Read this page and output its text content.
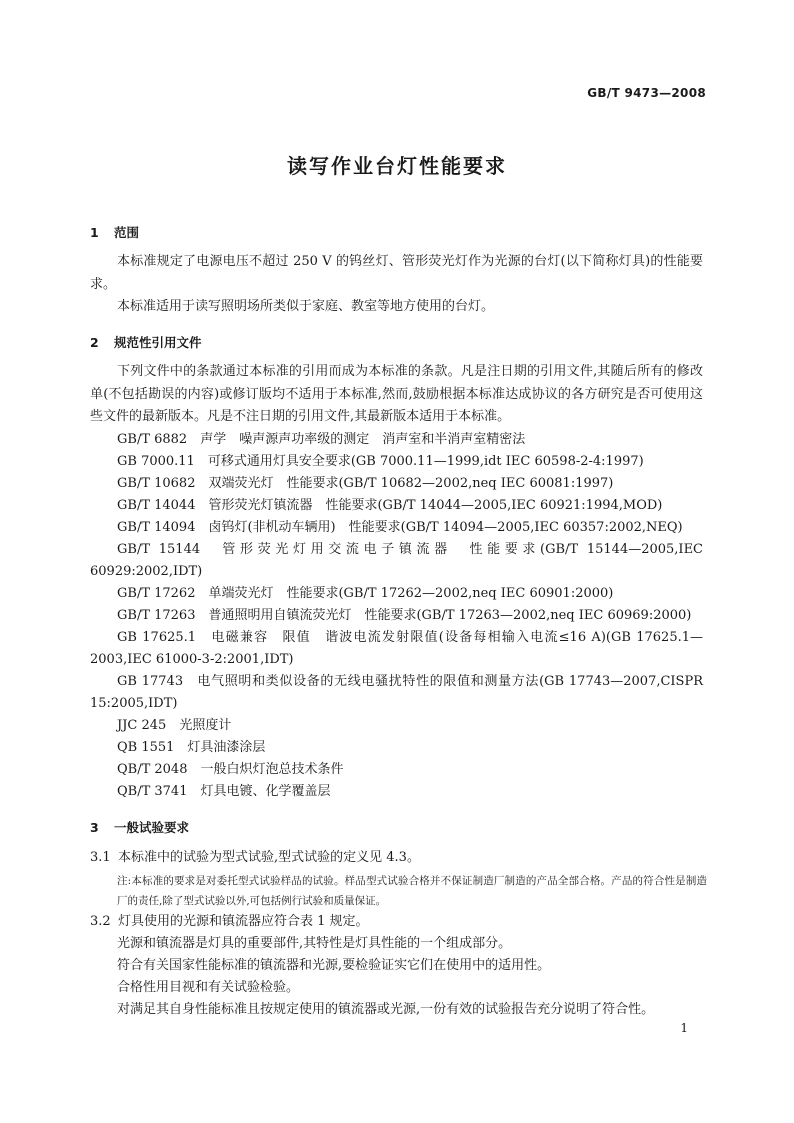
GB/T 9473—2008
读写作业台灯性能要求
1 范围

本标准规定了电源电压不超过 250 V 的钨丝灯、管形荧光灯作为光源的台灯(以下简称灯具)的性能要求。

本标准适用于读写照明场所类似于家庭、教室等地方使用的台灯。

2 规范性引用文件

下列文件中的条款通过本标准的引用而成为本标准的条款。凡是注日期的引用文件,其随后所有的修改单(不包括勘误的内容)或修订版均不适用于本标准,然而,鼓励根据本标准达成协议的各方研究是否可使用这些文件的最新版本。凡是不注日期的引用文件,其最新版本适用于本标准。

GB/T 6882　声学　噪声源声功率级的测定　消声室和半消声室精密法

GB 7000.11　可移式通用灯具安全要求(GB 7000.11—1999,idt IEC 60598-2-4:1997)

GB/T 10682　双端荧光灯　性能要求(GB/T 10682—2002,neq IEC 60081:1997)

GB/T 14044　管形荧光灯镇流器　性能要求(GB/T 14044—2005,IEC 60921:1994,MOD)

GB/T 14094　卤钨灯(非机动车辆用)　性能要求(GB/T 14094—2005,IEC 60357:2002,NEQ)

GB/T 15144　管形荧光灯用交流电子镇流器　性能要求(GB/T 15144—2005,IEC 60929:2002,IDT)

GB/T 17262　单端荧光灯　性能要求(GB/T 17262—2002,neq IEC 60901:2000)

GB/T 17263　普通照明用自镇流荧光灯　性能要求(GB/T 17263—2002,neq IEC 60969:2000)

GB 17625.1　电磁兼容　限值　谐波电流发射限值(设备每相输入电流≤16 A)(GB 17625.1—2003,IEC 61000-3-2:2001,IDT)

GB 17743　电气照明和类似设备的无线电骚扰特性的限值和测量方法(GB 17743—2007,CISPR 15:2005,IDT)

JJC 245　光照度计

QB 1551　灯具油漆涂层

QB/T 2048　一般白炽灯泡总技术条件

QB/T 3741　灯具电镀、化学覆盖层

3 一般试验要求

3.1 本标准中的试验为型式试验,型式试验的定义见 4.3。

注:本标准的要求是对委托型式试验样品的试验。样品型式试验合格并不保证制造厂制造的产品全部合格。产品的符合性是制造厂的责任,除了型式试验以外,可包括例行试验和质量保证。

3.2 灯具使用的光源和镇流器应符合表 1 规定。

光源和镇流器是灯具的重要部件,其特性是灯具性能的一个组成部分。

符合有关国家性能标准的镇流器和光源,要检验证实它们在使用中的适用性。

合格性用目视和有关试验检验。

对满足其自身性能标准且按规定使用的镇流器或光源,一份有效的试验报告充分说明了符合性。

1
